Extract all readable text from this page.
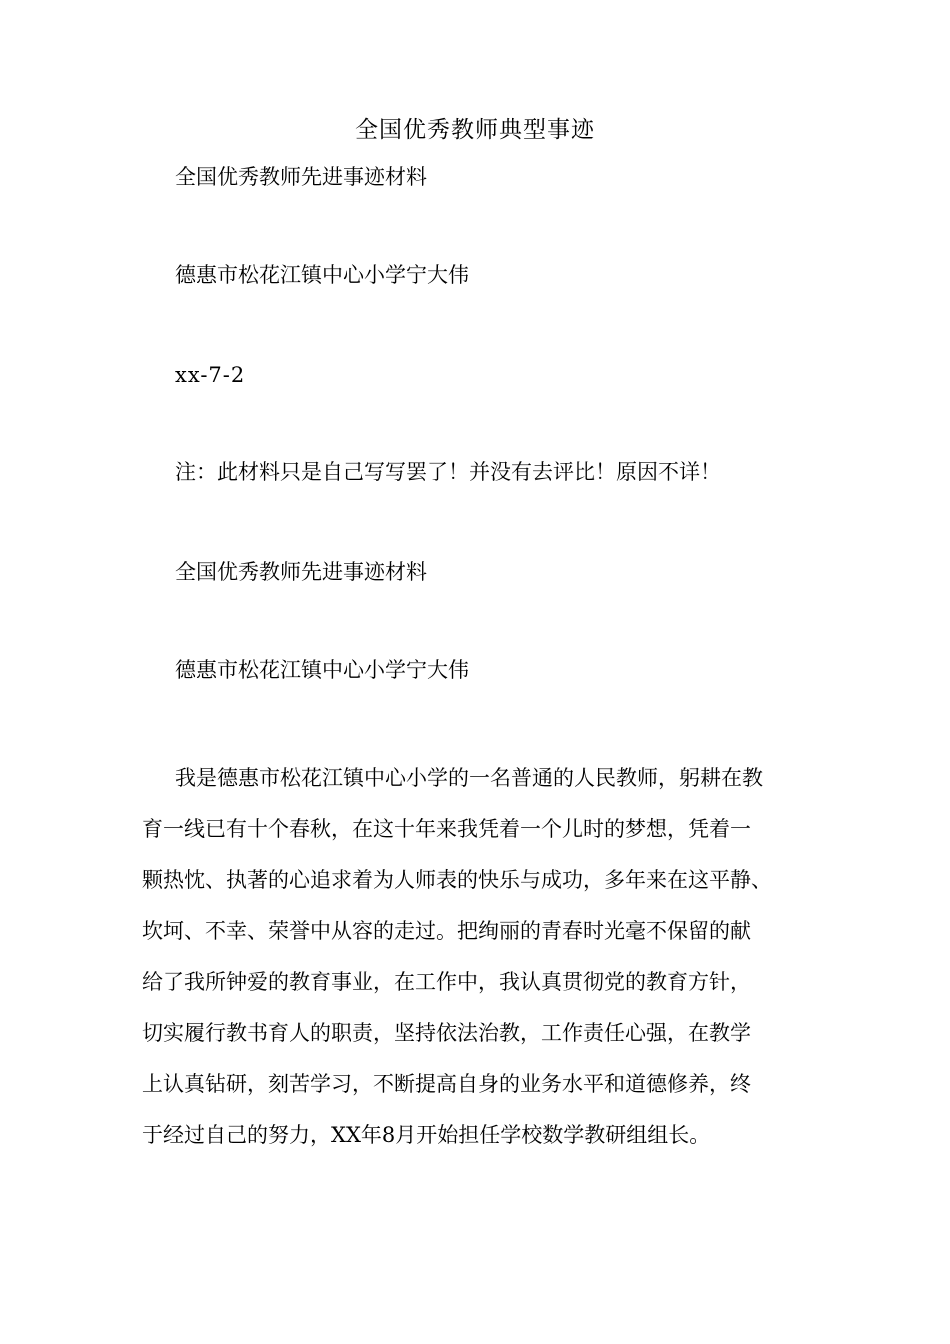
全国优秀教师典型事迹
全国优秀教师先进事迹材料
德惠市松花江镇中心小学宁大伟
xx-7-2
注：此材料只是自己写写罢了！并没有去评比！原因不详！
全国优秀教师先进事迹材料
德惠市松花江镇中心小学宁大伟
我是德惠市松花江镇中心小学的一名普通的人民教师，躬耕在教
育一线已有十个春秋，在这十年来我凭着一个儿时的梦想，凭着一
颗热忱、执著的心追求着为人师表的快乐与成功，多年来在这平静、
坎坷、不幸、荣誉中从容的走过。把绚丽的青春时光毫不保留的献
给了我所钟爱的教育事业，在工作中，我认真贯彻党的教育方针，
切实履行教书育人的职责，坚持依法治教，工作责任心强，在教学
上认真钻研，刻苦学习，不断提高自身的业务水平和道德修养，终
于经过自己的努力，XX年8月开始担任学校数学教研组组长。
